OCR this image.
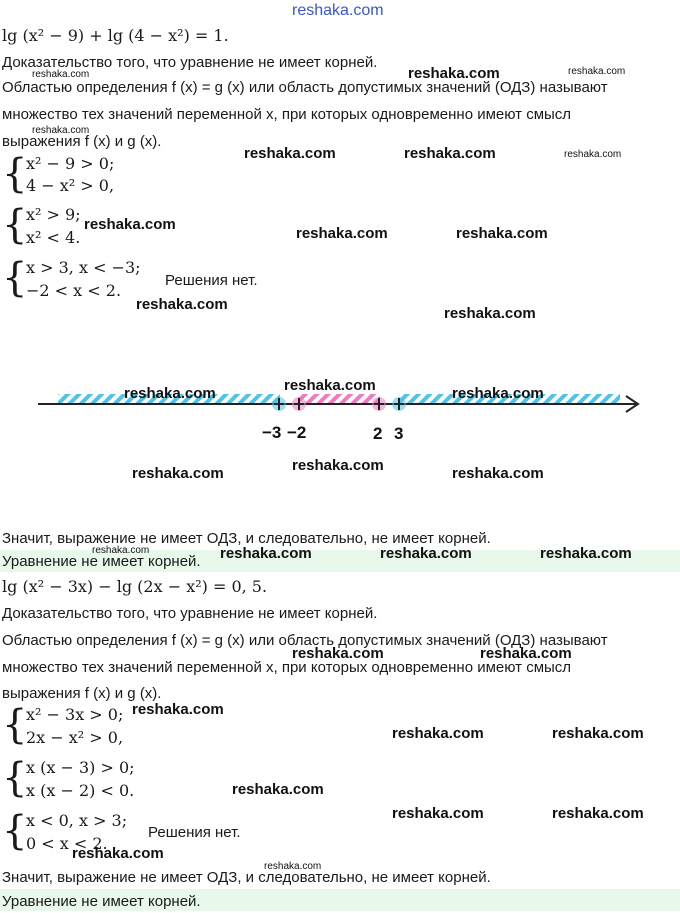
reshaka.com
lg (x² − 9) + lg (4 − x²) = 1.
Доказательство того, что уравнение не имеет корней.
Областью определения f (x) = g (x) или область допустимых значений (ОДЗ) называют
множество тех значений переменной x, при которых одновременно имеют смысл
выражения f (x) и g (x).
{
x² − 9 > 0;
4 − x² > 0,
{
x² > 9;
x² < 4.
{
x > 3, x < −3;
−2 < x < 2.
Решения нет.
−3 −2	2 3
Значит, выражение не имеет ОДЗ, и следовательно, не имеет корней.
Уравнение не имеет корней.
lg (x² − 3x) − lg (2x − x²) = 0, 5.
Доказательство того, что уравнение не имеет корней.
Областью определения f (x) = g (x) или область допустимых значений (ОДЗ) называют
множество тех значений переменной x, при которых одновременно имеют смысл
выражения f (x) и g (x).
{
x² − 3x > 0;
2x − x² > 0,
{
x (x − 3) > 0;
x (x − 2) < 0.
{
x < 0, x > 3;
0 < x < 2.
Решения нет.
Значит, выражение не имеет ОДЗ, и следовательно, не имеет корней.
Уравнение не имеет корней.
reshaka.com	reshaka.com	reshaka.com
reshaka.com
reshaka.com	reshaka.com	reshaka.com
reshaka.com
reshaka.com	reshaka.com
reshaka.com
reshaka.com
reshaka.com
reshaka.com	reshaka.com
reshaka.com
reshaka.com	reshaka.com
reshaka.com	reshaka.com	reshaka.com	reshaka.com
reshaka.com	reshaka.com
reshaka.com
reshaka.com	reshaka.com
reshaka.com
reshaka.com	reshaka.com
reshaka.com
reshaka.com
